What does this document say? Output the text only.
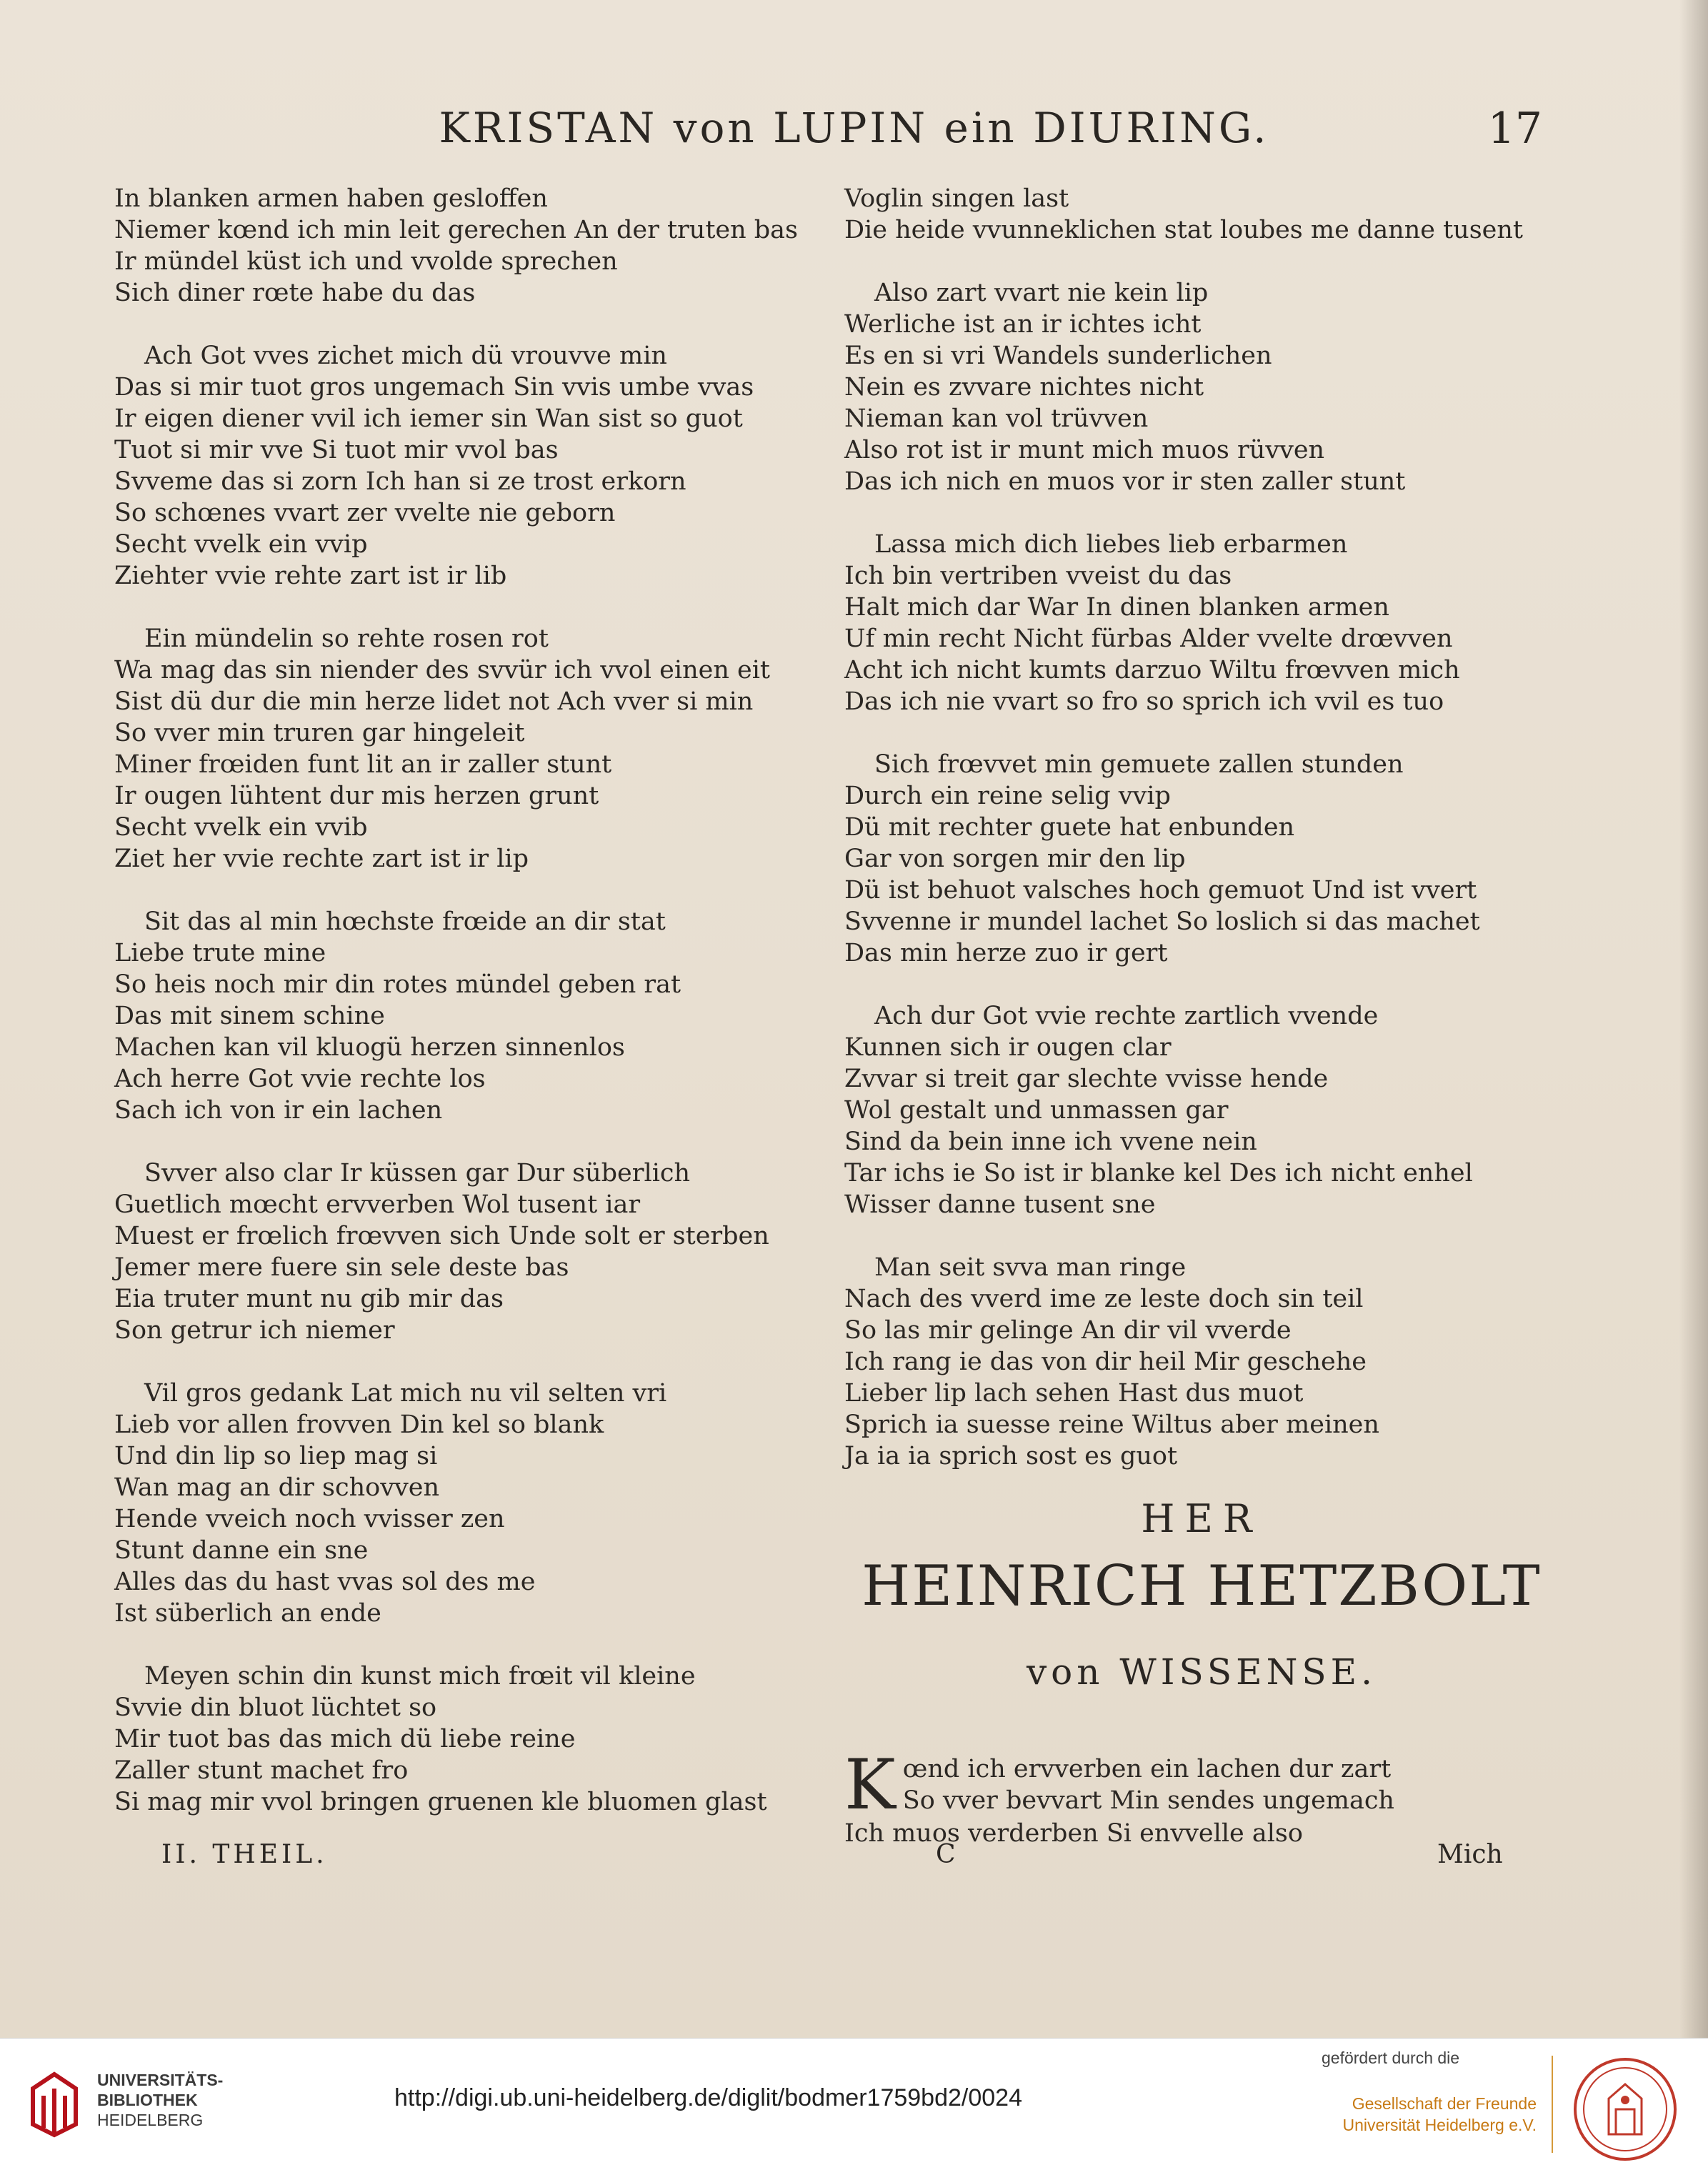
KRISTAN von LUPIN ein DIURING.	17
In blanken armen haben gesloffen
Niemer kœnd ich min leit gerechen An der truten bas
Ir mündel küst ich und vvolde sprechen
Sich diner rœte habe du das
Ach Got vves zichet mich dü vrouvve min
Das si mir tuot gros ungemach Sin vvis umbe vvas
Ir eigen diener vvil ich iemer sin Wan sist so guot
Tuot si mir vve Si tuot mir vvol bas
Svveme das si zorn Ich han si ze trost erkorn
So schœnes vvart zer vvelte nie geborn
Secht vvelk ein vvip
Ziehter vvie rehte zart ist ir lib
Ein mündelin so rehte rosen rot
Wa mag das sin niender des svvür ich vvol einen eit
Sist dü dur die min herze lidet not Ach vver si min
So vver min truren gar hingeleit
Miner frœiden funt lit an ir zaller stunt
Ir ougen lühtent dur mis herzen grunt
Secht vvelk ein vvib
Ziet her vvie rechte zart ist ir lip
Sit das al min hœchste frœide an dir stat
Liebe trute mine
So heis noch mir din rotes mündel geben rat
Das mit sinem schine
Machen kan vil kluogü herzen sinnenlos
Ach herre Got vvie rechte los
Sach ich von ir ein lachen
Svver also clar Ir küssen gar Dur süberlich
Guetlich mœcht ervverben Wol tusent iar
Muest er frœlich frœvven sich Unde solt er sterben
Jemer mere fuere sin sele deste bas
Eia truter munt nu gib mir das
Son getrur ich niemer
Vil gros gedank Lat mich nu vil selten vri
Lieb vor allen frovven Din kel so blank
Und din lip so liep mag si
Wan mag an dir schovven
Hende vveich noch vvisser zen
Stunt danne ein sne
Alles das du hast vvas sol des me
Ist süberlich an ende
Meyen schin din kunst mich frœit vil kleine
Svvie din bluot lüchtet so
Mir tuot bas das mich dü liebe reine
Zaller stunt machet fro
Si mag mir vvol bringen gruenen kle bluomen glast
Voglin singen last
Die heide vvunneklichen stat loubes me danne tusent
Also zart vvart nie kein lip
Werliche ist an ir ichtes icht
Es en si vri Wandels sunderlichen
Nein es zvvare nichtes nicht
Nieman kan vol trüvven
Also rot ist ir munt mich muos rüvven
Das ich nich en muos vor ir sten zaller stunt
Lassa mich dich liebes lieb erbarmen
Ich bin vertriben vveist du das
Halt mich dar War In dinen blanken armen
Uf min recht Nicht fürbas Alder vvelte drœvven
Acht ich nicht kumts darzuo Wiltu frœvven mich
Das ich nie vvart so fro so sprich ich vvil es tuo
Sich frœvvet min gemuete zallen stunden
Durch ein reine selig vvip
Dü mit rechter guete hat enbunden
Gar von sorgen mir den lip
Dü ist behuot valsches hoch gemuot Und ist vvert
Svvenne ir mundel lachet So loslich si das machet
Das min herze zuo ir gert
Ach dur Got vvie rechte zartlich vvende
Kunnen sich ir ougen clar
Zvvar si treit gar slechte vvisse hende
Wol gestalt und unmassen gar
Sind da bein inne ich vvene nein
Tar ichs ie So ist ir blanke kel Des ich nicht enhel
Wisser danne tusent sne
Man seit svva man ringe
Nach des vverd ime ze leste doch sin teil
So las mir gelinge An dir vil vverde
Ich rang ie das von dir heil Mir geschehe
Lieber lip lach sehen Hast dus muot
Sprich ia suesse reine Wiltus aber meinen
Ja ia ia sprich sost es guot
HER
HEINRICH HETZBOLT
von WISSENSE.
K œnd ich ervverben ein lachen dur zart
So vver bevvart Min sendes ungemach
Ich muos verderben Si envvelle also
II. THEIL.	C	Mich
UNIVERSITÄTS-
BIBLIOTHEK
HEIDELBERG
http://digi.ub.uni-heidelberg.de/diglit/bodmer1759bd2/0024
gefördert durch die
Gesellschaft der Freunde
Universität Heidelberg e.V.
